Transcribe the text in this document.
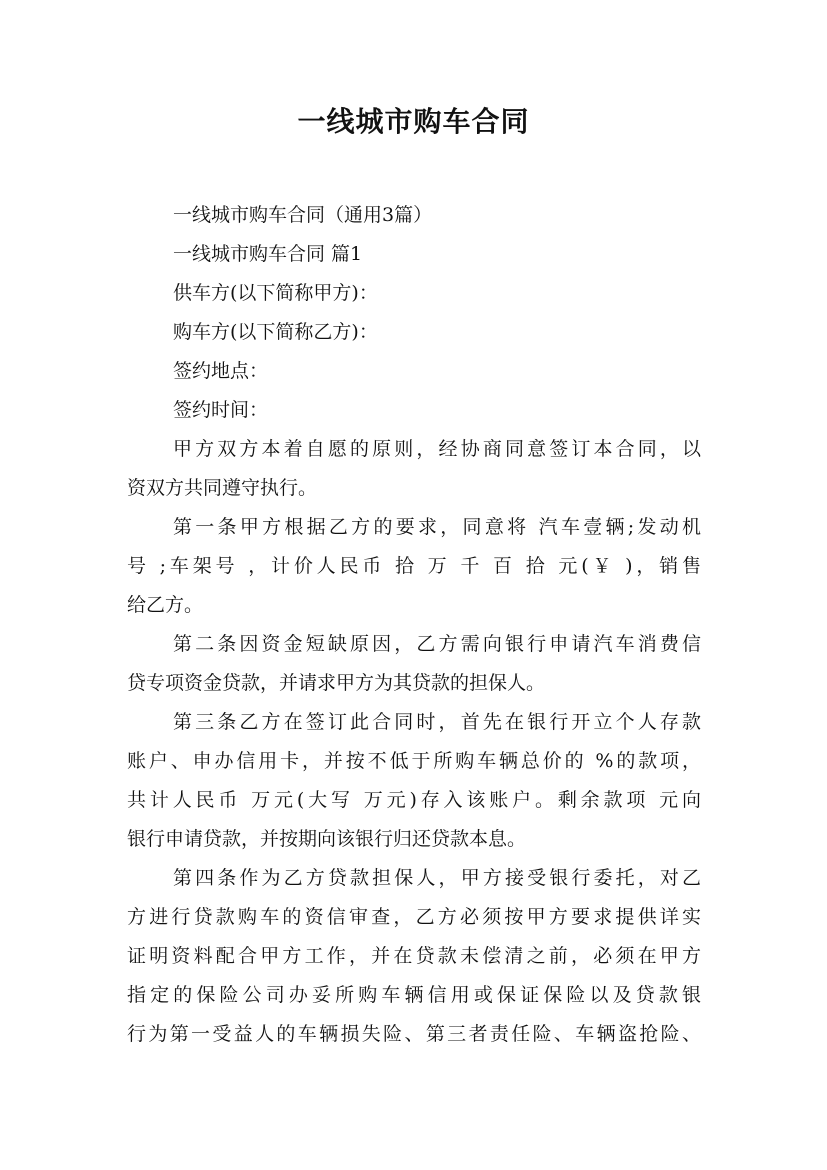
一线城市购车合同

一线城市购车合同（通用3篇）

一线城市购车合同 篇1

供车方(以下简称甲方)：

购车方(以下简称乙方)：

签约地点：

签约时间：

甲方双方本着自愿的原则，经协商同意签订本合同，以

资双方共同遵守执行。

第一条甲方根据乙方的要求，同意将 汽车壹辆;发动机

号 ;车架号 ，计价人民币 拾 万 千 百 拾 元(￥ )，销售

给乙方。

第二条因资金短缺原因，乙方需向银行申请汽车消费信

贷专项资金贷款，并请求甲方为其贷款的担保人。

第三条乙方在签订此合同时，首先在银行开立个人存款

账户、申办信用卡，并按不低于所购车辆总价的 %的款项，

共计人民币 万元(大写 万元)存入该账户。剩余款项 元向

银行申请贷款，并按期向该银行归还贷款本息。

第四条作为乙方贷款担保人，甲方接受银行委托，对乙

方进行贷款购车的资信审查，乙方必须按甲方要求提供详实

证明资料配合甲方工作，并在贷款未偿清之前，必须在甲方

指定的保险公司办妥所购车辆信用或保证保险以及贷款银

行为第一受益人的车辆损失险、第三者责任险、车辆盗抢险、
